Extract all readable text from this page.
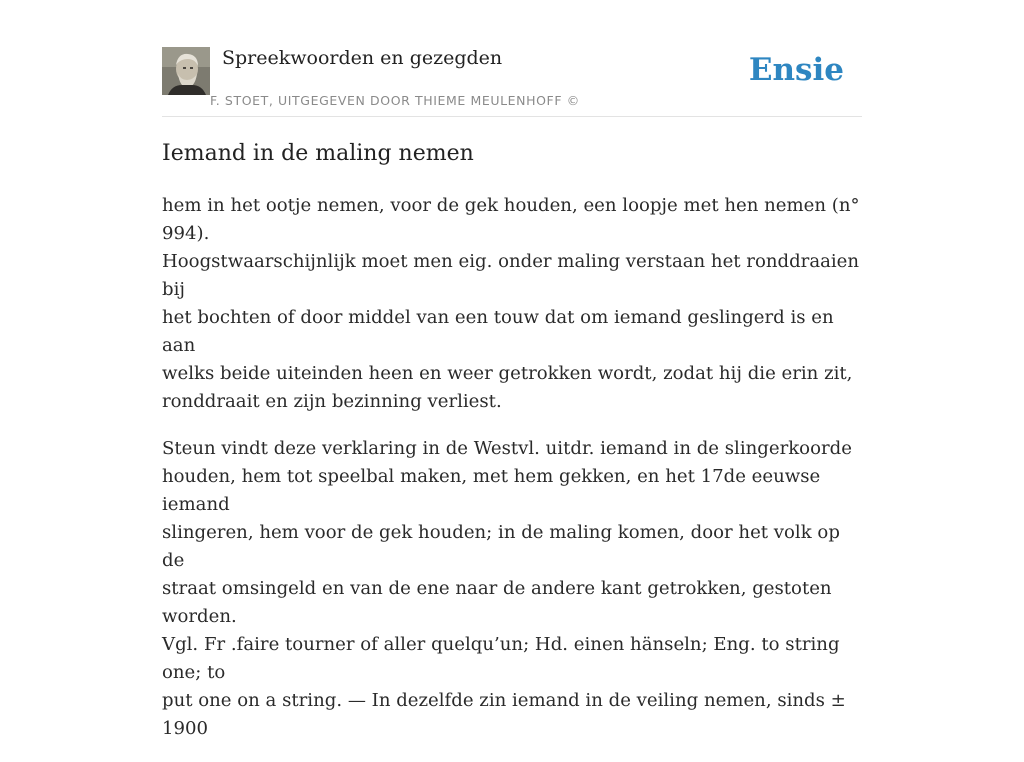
Spreekwoorden en gezegden
F. STOET, UITGEGEVEN DOOR THIEME MEULENHOFF ©
Ensie
Iemand in de maling nemen

hem in het ootje nemen, voor de gek houden, een loopje met hen nemen (n° 994).
Hoogstwaarschijnlijk moet men eig. onder maling verstaan het ronddraaien bij
het bochten of door middel van een touw dat om iemand geslingerd is en aan
welks beide uiteinden heen en weer getrokken wordt, zodat hij die erin zit,
ronddraait en zijn bezinning verliest.

Steun vindt deze verklaring in de Westvl. uitdr. iemand in de slingerkoorde
houden, hem tot speelbal maken, met hem gekken, en het 17de eeuwse iemand
slingeren, hem voor de gek houden; in de maling komen, door het volk op de
straat omsingeld en van de ene naar de andere kant getrokken, gestoten worden.
Vgl. Fr .faire tourner of aller quelqu’un; Hd. einen hänseln; Eng. to string one; to
put one on a string. — In dezelfde zin iemand in de veiling nemen, sinds ± 1900
